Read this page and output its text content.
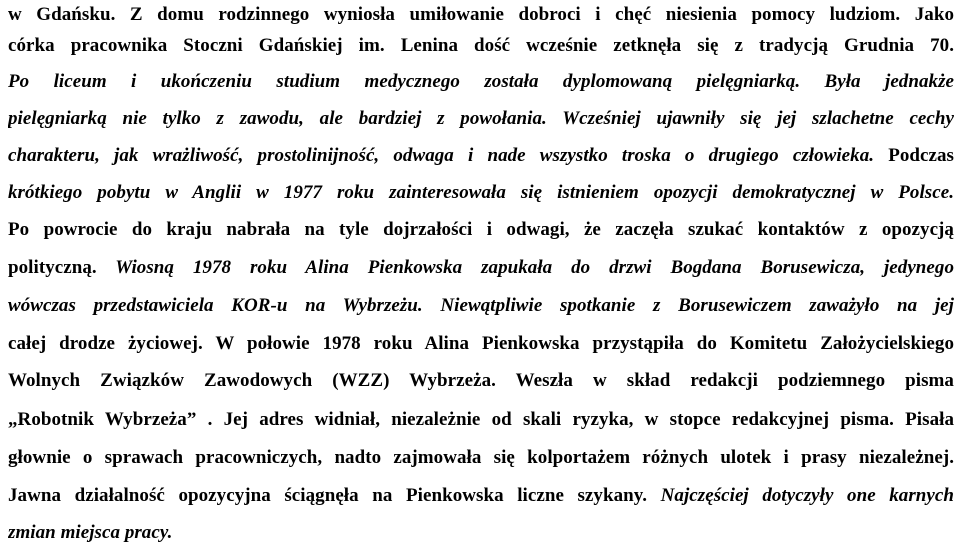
w Gdańsku. Z domu rodzinnego wyniosła umiłowanie dobroci i chęć niesienia pomocy ludziom. Jako
córka pracownika Stoczni Gdańskiej im. Lenina dość wcześnie zetknęła się z tradycją Grudnia 70.
Po liceum i ukończeniu studium medycznego została dyplomowaną pielęgniarką. Była jednakże
pielęgniarką nie tylko z zawodu, ale bardziej z powołania. Wcześniej ujawniły się jej szlachetne cechy
charakteru, jak wrażliwość, prostolinijność, odwaga i nade wszystko troska o drugiego człowieka. Podczas
krótkiego pobytu w Anglii w 1977 roku zainteresowała się istnieniem opozycji demokratycznej w Polsce.
Po powrocie do kraju nabrała na tyle dojrzałości i odwagi, że zaczęła szukać kontaktów z opozycją
polityczną. Wiosną 1978 roku Alina Pienkowska zapukała do drzwi Bogdana Borusewicza, jedynego
wówczas przedstawiciela KOR-u na Wybrzeżu. Niewątpliwie spotkanie z Borusewiczem zaważyło na jej
całej drodze życiowej. W połowie 1978 roku Alina Pienkowska przystąpiła do Komitetu Założycielskiego
Wolnych Związków Zawodowych (WZZ) Wybrzeża. Weszła w skład redakcji podziemnego pisma
„Robotnik Wybrzeża” . Jej adres widniał, niezależnie od skali ryzyka, w stopce redakcyjnej pisma. Pisała
głownie o sprawach pracowniczych, nadto zajmowała się kolportażem różnych ulotek i prasy niezależnej.
Jawna działalność opozycyjna ściągnęła na Pienkowska liczne szykany. Najczęściej dotyczyły one karnych
zmian miejsca pracy.
